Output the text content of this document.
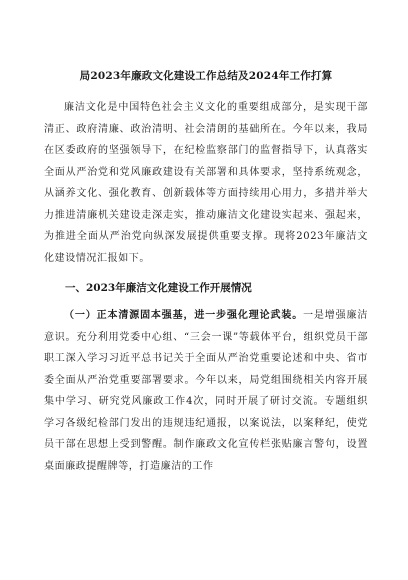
局2023年廉政文化建设工作总结及2024年工作打算

廉洁文化是中国特色社会主义文化的重要组成部分，是实现干部清正、政府清廉、政治清明、社会清朗的基础所在。今年以来，我局在区委政府的坚强领导下，在纪检监察部门的监督指导下，认真落实全面从严治党和党风廉政建设有关部署和具体要求，坚持系统观念，从涵养文化、强化教育、创新载体等方面持续用心用力，多措并举大力推进清廉机关建设走深走实，推动廉洁文化建设实起来、强起来，为推进全面从严治党向纵深发展提供重要支撑。现将2023年廉洁文化建设情况汇报如下。

一、2023年廉洁文化建设工作开展情况

（一）正本清源固本强基，进一步强化理论武装。一是增强廉洁意识。充分利用党委中心组、“三会一课”等载体平台，组织党员干部职工深入学习习近平总书记关于全面从严治党重要论述和中央、省市委全面从严治党重要部署要求。今年以来，局党组围绕相关内容开展集中学习、研究党风廉政工作4次，同时开展了研讨交流。专题组织学习各级纪检部门发出的违规违纪通报，以案说法，以案释纪，使党员干部在思想上受到警醒。制作廉政文化宣传栏张贴廉言警句，设置桌面廉政提醒牌等，打造廉洁的工作
